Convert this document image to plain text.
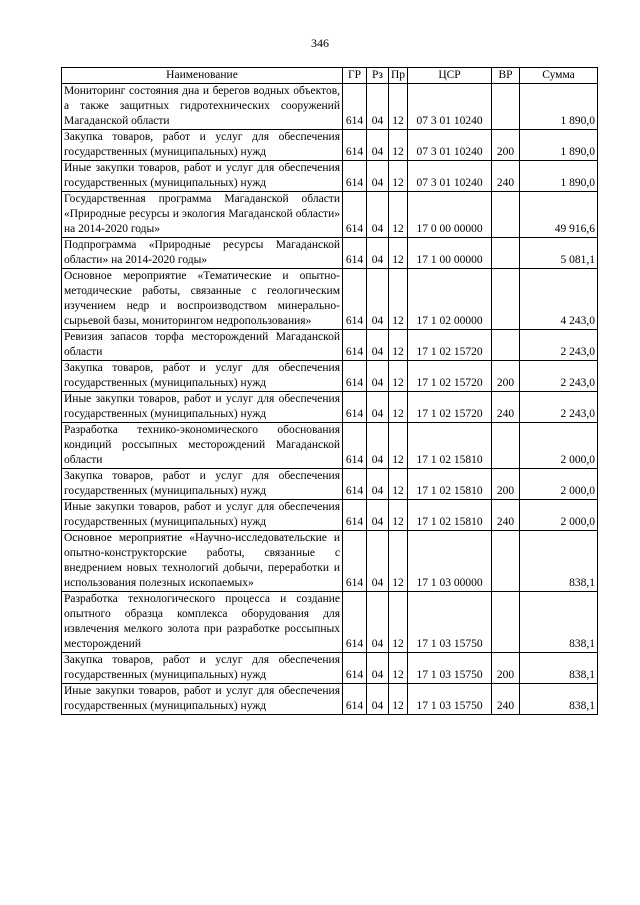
346
Наименование	ГР	Рз	Пр	ЦСР	ВР	Сумма
Мониторинг состояния дна и берегов водных объектов, а также защитных гидротехнических сооружений Магаданской области	614	04	12	07 3 01 10240		1 890,0
Закупка товаров, работ и услуг для обеспечения государственных (муниципальных) нужд	614	04	12	07 3 01 10240	200	1 890,0
Иные закупки товаров, работ и услуг для обеспечения государственных (муниципальных) нужд	614	04	12	07 3 01 10240	240	1 890,0
Государственная программа Магаданской области «Природные ресурсы и экология Магаданской области» на 2014-2020 годы»	614	04	12	17 0 00 00000		49 916,6
Подпрограмма «Природные ресурсы Магаданской области» на 2014-2020 годы»	614	04	12	17 1 00 00000		5 081,1
Основное мероприятие «Тематические и опытно-методические работы, связанные с геологическим изучением недр и воспроизводством минерально-сырьевой базы, мониторингом недропользования»	614	04	12	17 1 02 00000		4 243,0
Ревизия запасов торфа месторождений Магаданской области	614	04	12	17 1 02 15720		2 243,0
Закупка товаров, работ и услуг для обеспечения государственных (муниципальных) нужд	614	04	12	17 1 02 15720	200	2 243,0
Иные закупки товаров, работ и услуг для обеспечения государственных (муниципальных) нужд	614	04	12	17 1 02 15720	240	2 243,0
Разработка технико-экономического обоснования кондиций россыпных месторождений Магаданской области	614	04	12	17 1 02 15810		2 000,0
Закупка товаров, работ и услуг для обеспечения государственных (муниципальных) нужд	614	04	12	17 1 02 15810	200	2 000,0
Иные закупки товаров, работ и услуг для обеспечения государственных (муниципальных) нужд	614	04	12	17 1 02 15810	240	2 000,0
Основное мероприятие «Научно-исследовательские и опытно-конструкторские работы, связанные с внедрением новых технологий добычи, переработки и использования полезных ископаемых»	614	04	12	17 1 03 00000		838,1
Разработка технологического процесса и создание опытного образца комплекса оборудования для извлечения мелкого золота при разработке россыпных месторождений	614	04	12	17 1 03 15750		838,1
Закупка товаров, работ и услуг для обеспечения государственных (муниципальных) нужд	614	04	12	17 1 03 15750	200	838,1
Иные закупки товаров, работ и услуг для обеспечения государственных (муниципальных) нужд	614	04	12	17 1 03 15750	240	838,1
